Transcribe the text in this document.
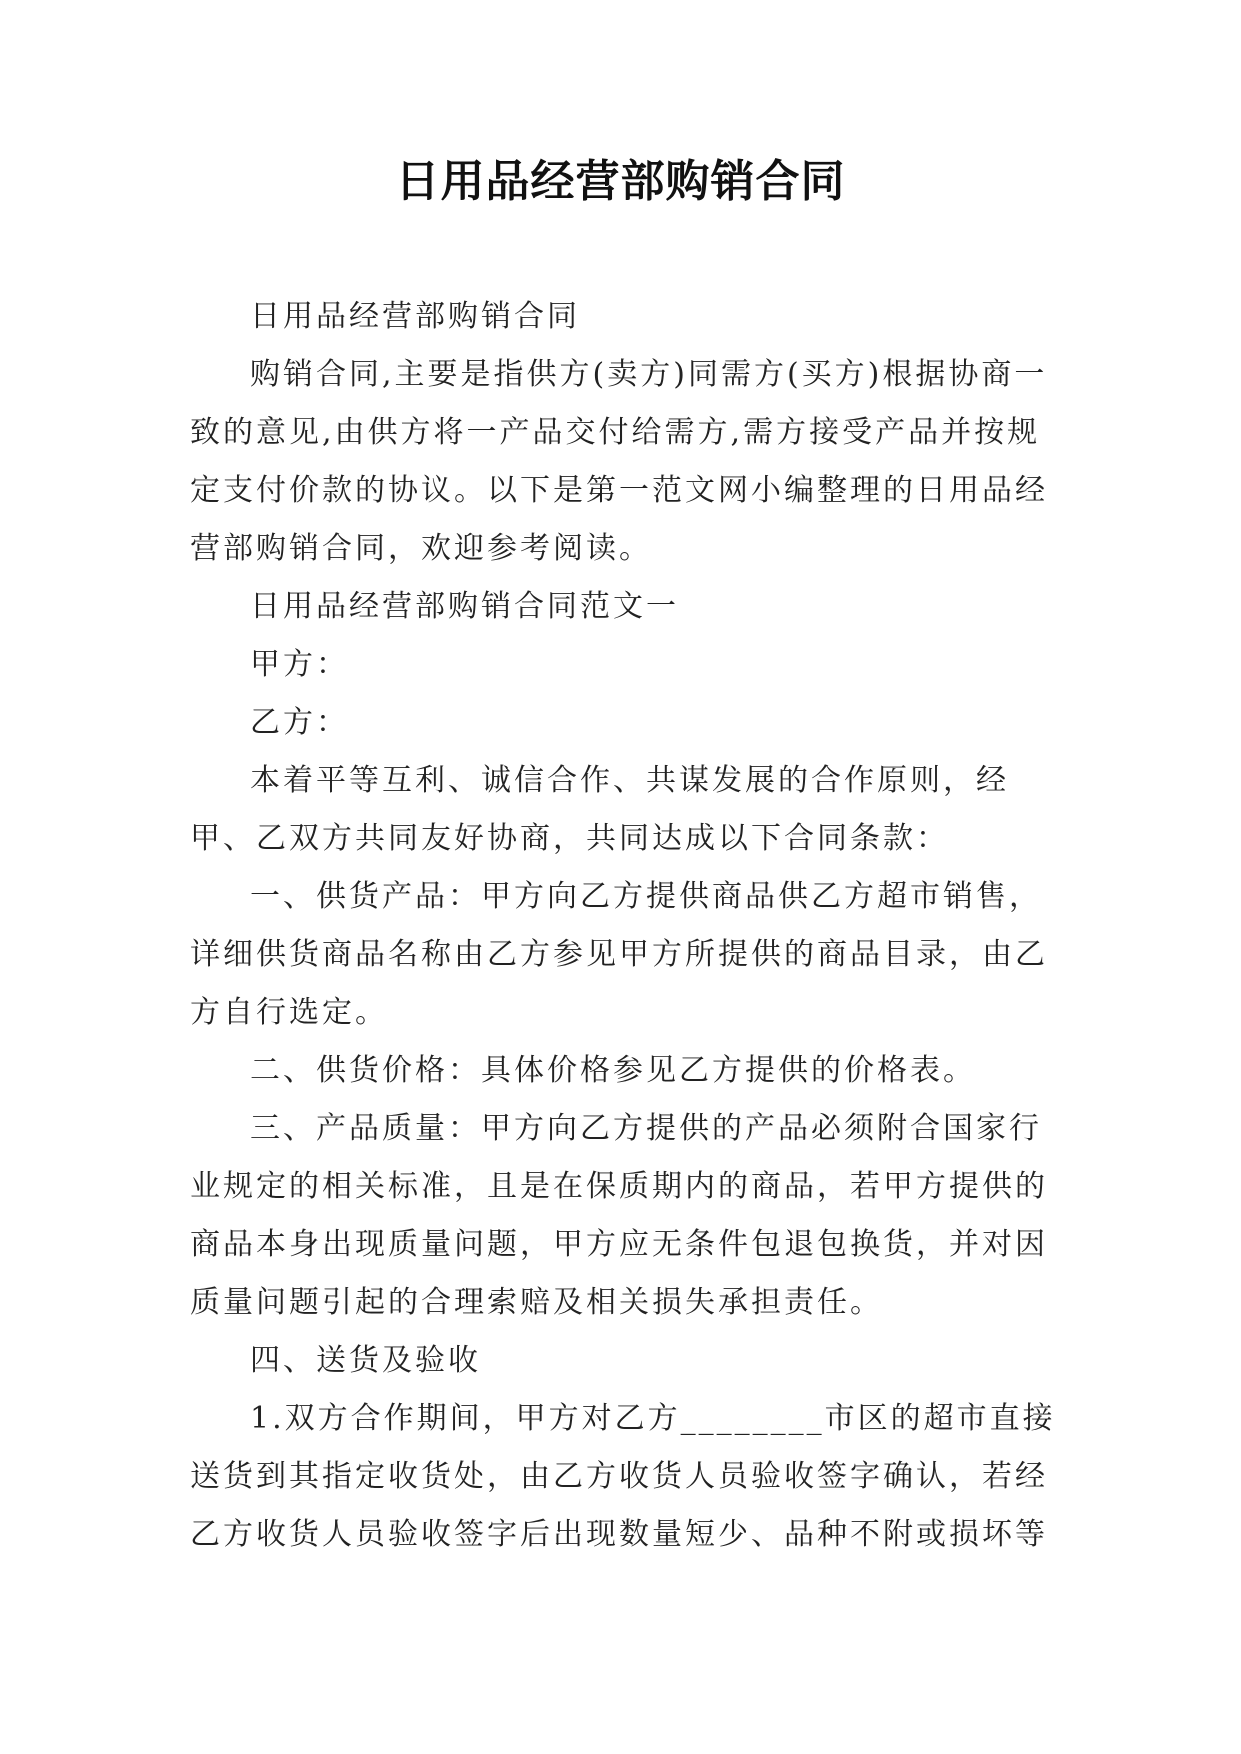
日用品经营部购销合同

日用品经营部购销合同

购销合同,主要是指供方(卖方)同需方(买方)根据协商一致的意见,由供方将一产品交付给需方,需方接受产品并按规定支付价款的协议。以下是第一范文网小编整理的日用品经营部购销合同，欢迎参考阅读。

日用品经营部购销合同范文一

甲方：

乙方：

本着平等互利、诚信合作、共谋发展的合作原则，经甲、乙双方共同友好协商，共同达成以下合同条款：

一、供货产品：甲方向乙方提供商品供乙方超市销售，详细供货商品名称由乙方参见甲方所提供的商品目录，由乙方自行选定。

二、供货价格：具体价格参见乙方提供的价格表。

三、产品质量：甲方向乙方提供的产品必须附合国家行业规定的相关标准，且是在保质期内的商品，若甲方提供的商品本身出现质量问题，甲方应无条件包退包换货，并对因质量问题引起的合理索赔及相关损失承担责任。

四、送货及验收

1.双方合作期间，甲方对乙方________市区的超市直接送货到其指定收货处，由乙方收货人员验收签字确认，若经乙方收货人员验收签字后出现数量短少、品种不附或损坏等
